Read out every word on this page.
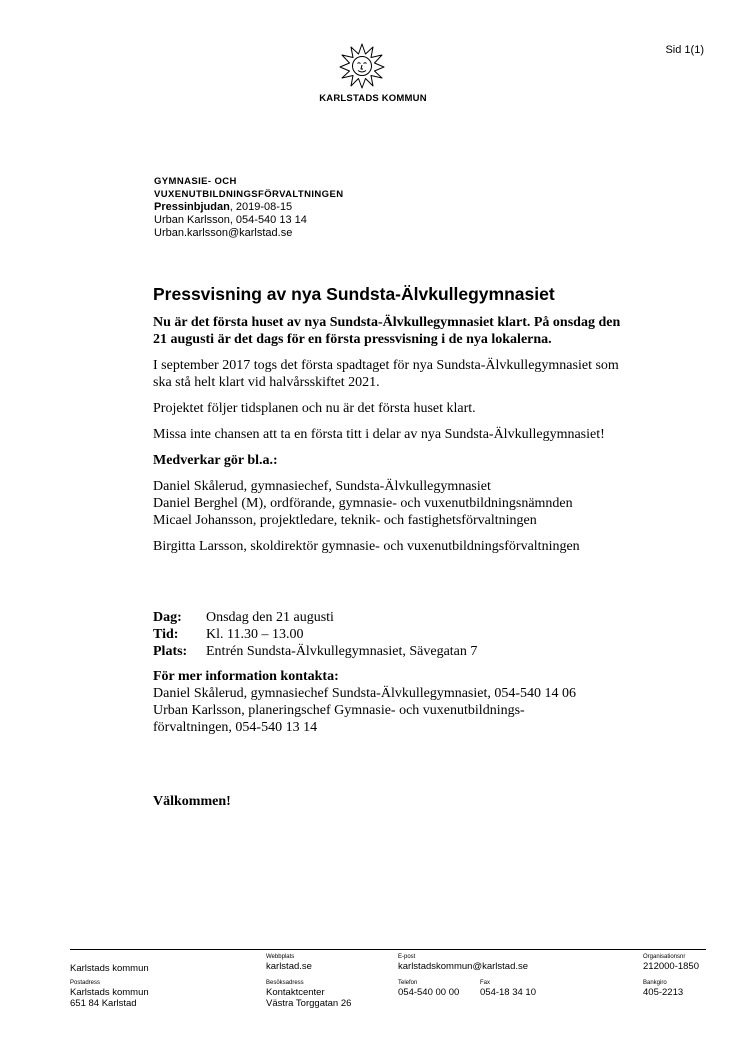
Sid 1(1)
KARLSTADS KOMMUN
GYMNASIE- OCH
VUXENUTBILDNINGSFÖRVALTNINGEN
Pressinbjudan, 2019-08-15
Urban Karlsson, 054-540 13 14
Urban.karlsson@karlstad.se
Pressvisning av nya Sundsta-Älvkullegymnasiet

Nu är det första huset av nya Sundsta-Älvkullegymnasiet klart. På onsdag den 21 augusti är det dags för en första pressvisning i de nya lokalerna.

I september 2017 togs det första spadtaget för nya Sundsta-Älvkullegymnasiet som ska stå helt klart vid halvårsskiftet 2021.

Projektet följer tidsplanen och nu är det första huset klart.

Missa inte chansen att ta en första titt i delar av nya Sundsta-Älvkullegymnasiet!

Medverkar gör bl.a.:

Daniel Skålerud, gymnasiechef, Sundsta-Älvkullegymnasiet

Daniel Berghel (M), ordförande, gymnasie- och vuxenutbildningsnämnden

Micael Johansson, projektledare, teknik- och fastighetsförvaltningen

Birgitta Larsson, skoldirektör gymnasie- och vuxenutbildningsförvaltningen

Dag: Onsdag den 21 augusti
Tid: Kl. 11.30 – 13.00
Plats: Entrén Sundsta-Älvkullegymnasiet, Sävegatan 7
För mer information kontakta:
Daniel Skålerud, gymnasiechef Sundsta-Älvkullegymnasiet, 054-540 14 06
Urban Karlsson, planeringschef Gymnasie- och vuxenutbildnings-
förvaltningen, 054-540 13 14
Välkommen!
Karlstads kommun
Webbplats
karlstad.se
E-post
karlstadskommun@karlstad.se
Organisationsnr
212000-1850
Postadress
Karlstads kommun
651 84 Karlstad
Besöksadress
Kontaktcenter
Västra Torggatan 26
Telefon
054-540 00 00
Fax
054-18 34 10
Bankgiro
405-2213
